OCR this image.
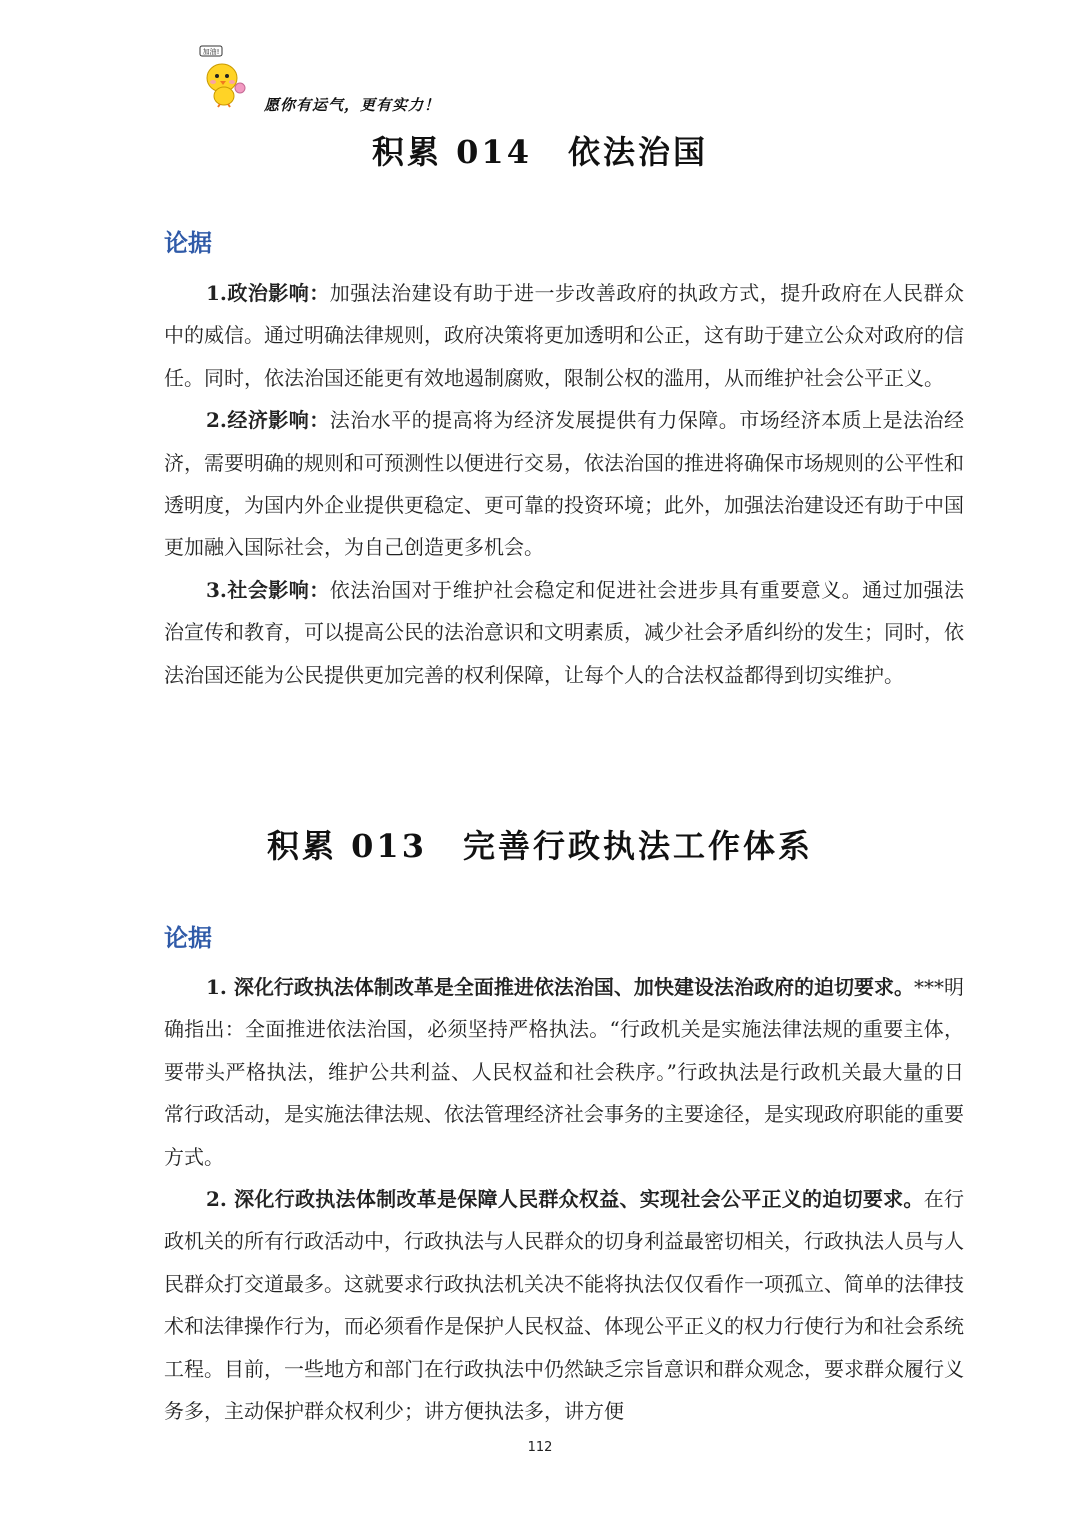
加油!
愿你有运气，更有实力！
积累 014 依法治国
论据

1.政治影响：加强法治建设有助于进一步改善政府的执政方式，提升政府在人民群众中的威信。通过明确法律规则，政府决策将更加透明和公正，这有助于建立公众对政府的信任。同时，依法治国还能更有效地遏制腐败，限制公权的滥用，从而维护社会公平正义。

2.经济影响：法治水平的提高将为经济发展提供有力保障。市场经济本质上是法治经济，需要明确的规则和可预测性以便进行交易，依法治国的推进将确保市场规则的公平性和透明度，为国内外企业提供更稳定、更可靠的投资环境；此外，加强法治建设还有助于中国更加融入国际社会，为自己创造更多机会。

3.社会影响：依法治国对于维护社会稳定和促进社会进步具有重要意义。通过加强法治宣传和教育，可以提高公民的法治意识和文明素质，减少社会矛盾纠纷的发生；同时，依法治国还能为公民提供更加完善的权利保障，让每个人的合法权益都得到切实维护。

积累 013 完善行政执法工作体系
论据

1. 深化行政执法体制改革是全面推进依法治国、加快建设法治政府的迫切要求。***明确指出：全面推进依法治国，必须坚持严格执法。“行政机关是实施法律法规的重要主体，要带头严格执法，维护公共利益、人民权益和社会秩序。”行政执法是行政机关最大量的日常行政活动，是实施法律法规、依法管理经济社会事务的主要途径，是实现政府职能的重要方式。

2. 深化行政执法体制改革是保障人民群众权益、实现社会公平正义的迫切要求。在行政机关的所有行政活动中，行政执法与人民群众的切身利益最密切相关，行政执法人员与人民群众打交道最多。这就要求行政执法机关决不能将执法仅仅看作一项孤立、简单的法律技术和法律操作行为，而必须看作是保护人民权益、体现公平正义的权力行使行为和社会系统工程。目前，一些地方和部门在行政执法中仍然缺乏宗旨意识和群众观念，要求群众履行义务多，主动保护群众权利少；讲方便执法多，讲方便

112
